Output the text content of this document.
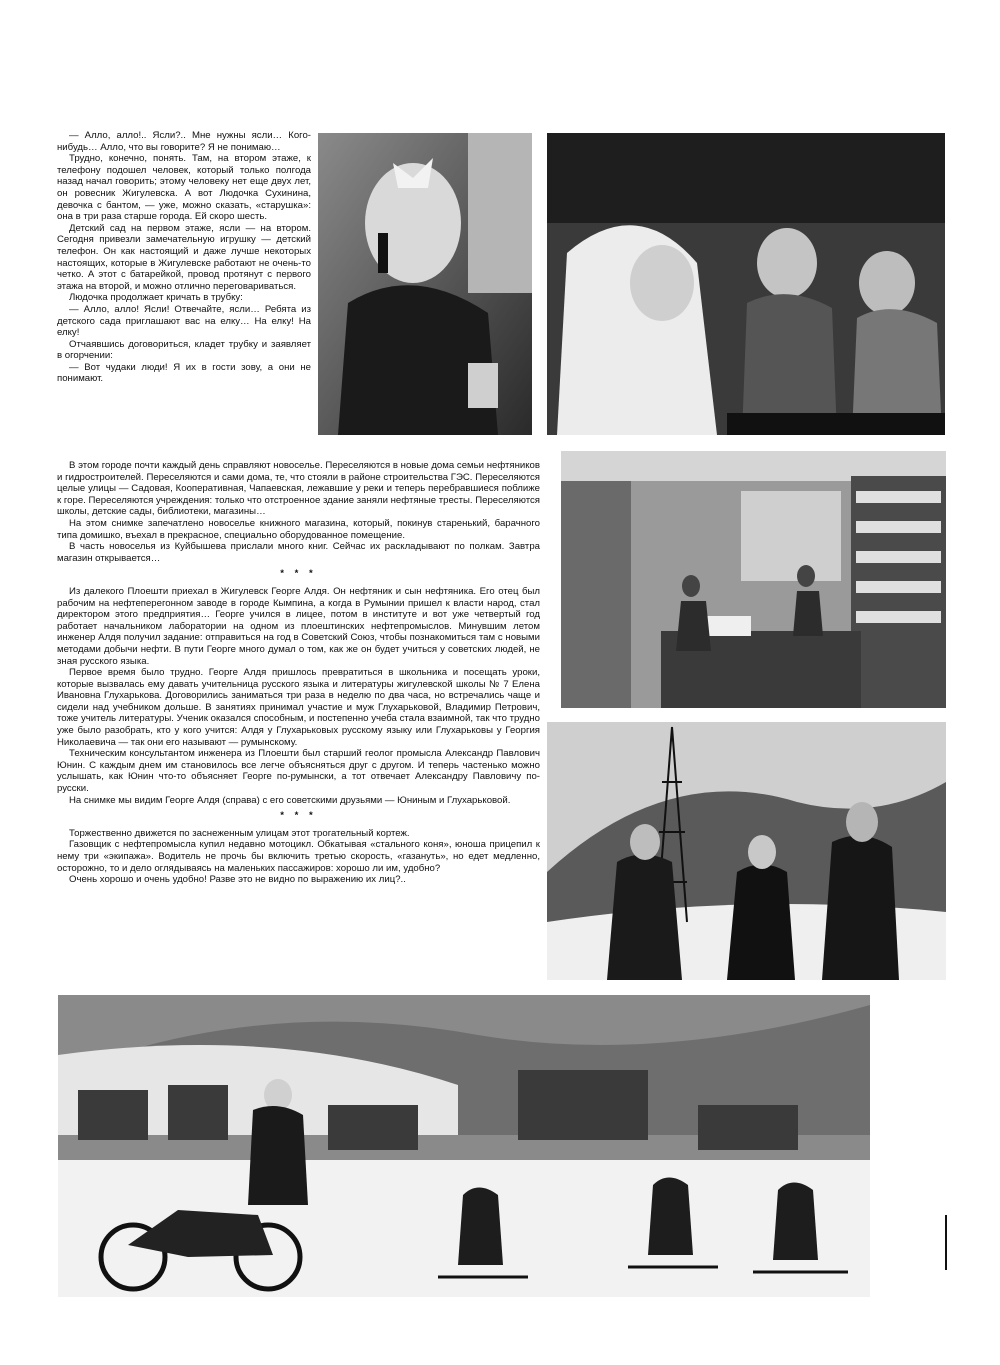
— Алло, алло!.. Ясли?.. Мне нужны ясли… Кого-нибудь… Алло, что вы говорите? Я не понимаю…

Трудно, конечно, понять. Там, на втором этаже, к телефону подошел человек, который только полгода назад начал говорить; этому человеку нет еще двух лет, он ровесник Жигулевска. А вот Людочка Сухинина, девочка с бантом, — уже, можно сказать, «старушка»: она в три раза старше города. Ей скоро шесть.

Детский сад на первом этаже, ясли — на втором. Сегодня привезли замечательную игрушку — детский телефон. Он как настоящий и даже лучше некоторых настоящих, которые в Жигулевске работают не очень-то четко. А этот с батарейкой, провод протянут с первого этажа на второй, и можно отлично переговариваться.

Людочка продолжает кричать в трубку:

— Алло, алло! Ясли! Отвечайте, ясли… Ребята из детского сада приглашают вас на елку… На елку! На елку!

Отчаявшись договориться, кладет трубку и заявляет в огорчении:

— Вот чудаки люди! Я их в гости зову, а они не понимают.

В этом городе почти каждый день справляют новоселье. Переселяются в новые дома семьи нефтяников и гидростроителей. Переселяются и сами дома, те, что стояли в районе строительства ГЭС. Переселяются целые улицы — Садовая, Кооперативная, Чапаевская, лежавшие у реки и теперь перебравшиеся поближе к горе. Переселяются учреждения: только что отстроенное здание заняли нефтяные тресты. Переселяются школы, детские сады, библиотеки, магазины…

На этом снимке запечатлено новоселье книжного магазина, который, покинув старенький, барачного типа домишко, въехал в прекрасное, специально оборудованное помещение.

В часть новоселья из Куйбышева прислали много книг. Сейчас их раскладывают по полкам. Завтра магазин открывается…

* * *

Из далекого Плоешти приехал в Жигулевск Георге Алдя. Он нефтяник и сын нефтяника. Его отец был рабочим на нефтеперегонном заводе в городе Кымпина, а когда в Румынии пришел к власти народ, стал директором этого предприятия… Георге учился в лицее, потом в институте и вот уже четвертый год работает начальником лаборатории на одном из плоештинских нефтепромыслов. Минувшим летом инженер Алдя получил задание: отправиться на год в Советский Союз, чтобы познакомиться там с новыми методами добычи нефти. В пути Георге много думал о том, как же он будет учиться у советских людей, не зная русского языка.

Первое время было трудно. Георге Алдя пришлось превратиться в школьника и посещать уроки, которые вызвалась ему давать учительница русского языка и литературы жигулевской школы № 7 Елена Ивановна Глухарькова. Договорились заниматься три раза в неделю по два часа, но встречались чаще и сидели над учебником дольше. В занятиях принимал участие и муж Глухарьковой, Владимир Петрович, тоже учитель литературы. Ученик оказался способным, и постепенно учеба стала взаимной, так что трудно уже было разобрать, кто у кого учится: Алдя у Глухарьковых русскому языку или Глухарьковы у Георгия Николаевича — так они его называют — румынскому.

Техническим консультантом инженера из Плоешти был старший геолог промысла Александр Павлович Юнин. С каждым днем им становилось все легче объясняться друг с другом. И теперь частенько можно услышать, как Юнин что-то объясняет Георге по-румынски, а тот отвечает Александру Павловичу по-русски.

На снимке мы видим Георге Алдя (справа) с его советскими друзьями — Юниным и Глухарьковой.

* * *

Торжественно движется по заснеженным улицам этот трогательный кортеж.

Газовщик с нефтепромысла купил недавно мотоцикл. Обкатывая «стального коня», юноша прицепил к нему три «экипажа». Водитель не прочь бы включить третью скорость, «газануть», но едет медленно, осторожно, то и дело оглядываясь на маленьких пассажиров: хорошо ли им, удобно?

Очень хорошо и очень удобно! Разве это не видно по выражению их лиц?..
